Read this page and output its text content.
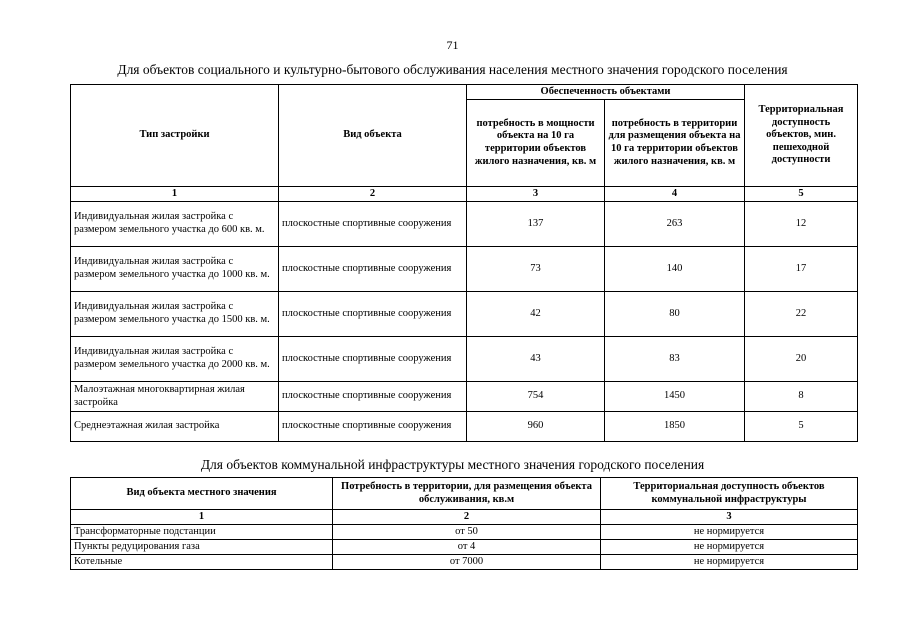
71
Для объектов социального и культурно-бытового обслуживания населения местного значения городского поселения
Тип застройки	Вид объекта	Обеспеченность объектами		Территориальная доступность объектов, мин. пешеходной доступности
		потребность в мощности объекта на 10 га территории объектов жилого назначения, кв. м	потребность в территории для размещения объекта на 10 га территории объектов жилого назначения, кв. м	
1	2	3	4	5
Индивидуальная жилая застройка с размером земельного участка до 600 кв. м.	плоскостные спортивные сооружения	137	263	12
Индивидуальная жилая застройка с размером земельного участка до 1000 кв. м.	плоскостные спортивные сооружения	73	140	17
Индивидуальная жилая застройка с размером земельного участка до 1500 кв. м.	плоскостные спортивные сооружения	42	80	22
Индивидуальная жилая застройка с размером земельного участка до 2000 кв. м.	плоскостные спортивные сооружения	43	83	20
Малоэтажная многоквартирная жилая застройка	плоскостные спортивные сооружения	754	1450	8
Среднеэтажная жилая застройка	плоскостные спортивные сооружения	960	1850	5
Для объектов коммунальной инфраструктуры местного значения городского поселения
Вид объекта местного значения	Потребность в территории, для размещения объекта обслуживания, кв.м	Территориальная доступность объектов коммунальной инфраструктуры
1	2	3
Трансформаторные подстанции	от 50	не нормируется
Пункты редуцирования газа	от 4	не нормируется
Котельные	от 7000	не нормируется
